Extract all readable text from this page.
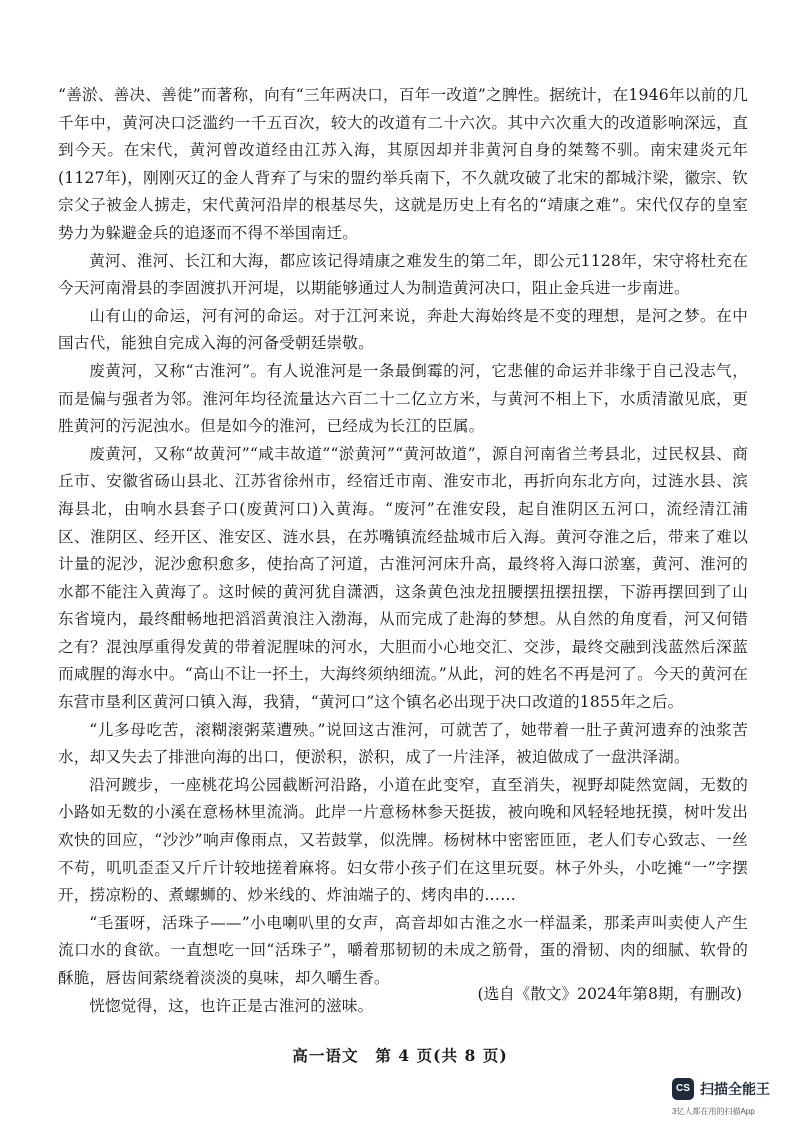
“善淤、善决、善徙”而著称，向有“三年两决口，百年一改道”之脾性。据统计，在1946年以前的几千年中，黄河决口泛滥约一千五百次，较大的改道有二十六次。其中六次重大的改道影响深远，直到今天。在宋代，黄河曾改道经由江苏入海，其原因却并非黄河自身的桀骜不驯。南宋建炎元年(1127年)，刚刚灭辽的金人背弃了与宋的盟约举兵南下，不久就攻破了北宋的都城汴梁，徽宗、钦宗父子被金人掳走，宋代黄河沿岸的根基尽失，这就是历史上有名的“靖康之难”。宋代仅存的皇室势力为躲避金兵的追逐而不得不举国南迁。

黄河、淮河、长江和大海，都应该记得靖康之难发生的第二年，即公元1128年，宋守将杜充在今天河南滑县的李固渡扒开河堤，以期能够通过人为制造黄河决口，阻止金兵进一步南进。

山有山的命运，河有河的命运。对于江河来说，奔赴大海始终是不变的理想，是河之梦。在中国古代，能独自完成入海的河备受朝廷崇敬。

废黄河，又称“古淮河”。有人说淮河是一条最倒霉的河，它悲催的命运并非缘于自己没志气，而是偏与强者为邻。淮河年均径流量达六百二十二亿立方米，与黄河不相上下，水质清澈见底，更胜黄河的污泥浊水。但是如今的淮河，已经成为长江的臣属。

废黄河，又称“故黄河”“咸丰故道”“淤黄河”“黄河故道”，源自河南省兰考县北，过民权县、商丘市、安徽省砀山县北、江苏省徐州市，经宿迁市南、淮安市北，再折向东北方向，过涟水县、滨海县北，由响水县套子口(废黄河口)入黄海。“废河”在淮安段，起自淮阴区五河口，流经清江浦区、淮阴区、经开区、淮安区、涟水县，在苏嘴镇流经盐城市后入海。黄河夺淮之后，带来了难以计量的泥沙，泥沙愈积愈多，使抬高了河道，古淮河河床升高，最终将入海口淤塞，黄河、淮河的水都不能注入黄海了。这时候的黄河犹自潇洒，这条黄色浊龙扭腰摆扭摆扭摆，下游再摆回到了山东省境内，最终酣畅地把滔滔黄浪注入渤海，从而完成了赴海的梦想。从自然的角度看，河又何错之有？混浊厚重得发黄的带着泥腥味的河水，大胆而小心地交汇、交涉，最终交融到浅蓝然后深蓝而咸腥的海水中。“高山不让一抔土，大海终须纳细流。”从此，河的姓名不再是河了。今天的黄河在东营市垦利区黄河口镇入海，我猜，“黄河口”这个镇名必出现于决口改道的1855年之后。

“儿多母吃苦，滚糊滚粥菜遭殃。”说回这古淮河，可就苦了，她带着一肚子黄河遗弃的浊浆苦水，却又失去了排泄向海的出口，便淤积，淤积，成了一片洼泽，被迫做成了一盘洪泽湖。

沿河踱步，一座桃花坞公园截断河沿路，小道在此变窄，直至消失，视野却陡然宽阔，无数的小路如无数的小溪在意杨林里流淌。此岸一片意杨林参天挺拔，被向晚和风轻轻地抚摸，树叶发出欢快的回应，“沙沙”响声像雨点，又若鼓掌，似洗牌。杨树林中密密匝匝，老人们专心致志、一丝不苟，叽叽歪歪又斤斤计较地搓着麻将。妇女带小孩子们在这里玩耍。林子外头，小吃摊“一”字摆开，捞凉粉的、煮螺蛳的、炒米线的、炸油端子的、烤肉串的……

“毛蛋呀，活珠子——”小电喇叭里的女声，高音却如古淮之水一样温柔，那柔声叫卖使人产生流口水的食欲。一直想吃一回“活珠子”，嚼着那韧韧的未成之筋骨，蛋的滑韧、肉的细腻、软骨的酥脆，唇齿间萦绕着淡淡的臭味，却久嚼生香。

恍惚觉得，这，也许正是古淮河的滋味。

(选自《散文》2024年第8期，有删改)
高一语文　第 4 页(共 8 页)
CS 扫描全能王
3亿人都在用的扫描App
